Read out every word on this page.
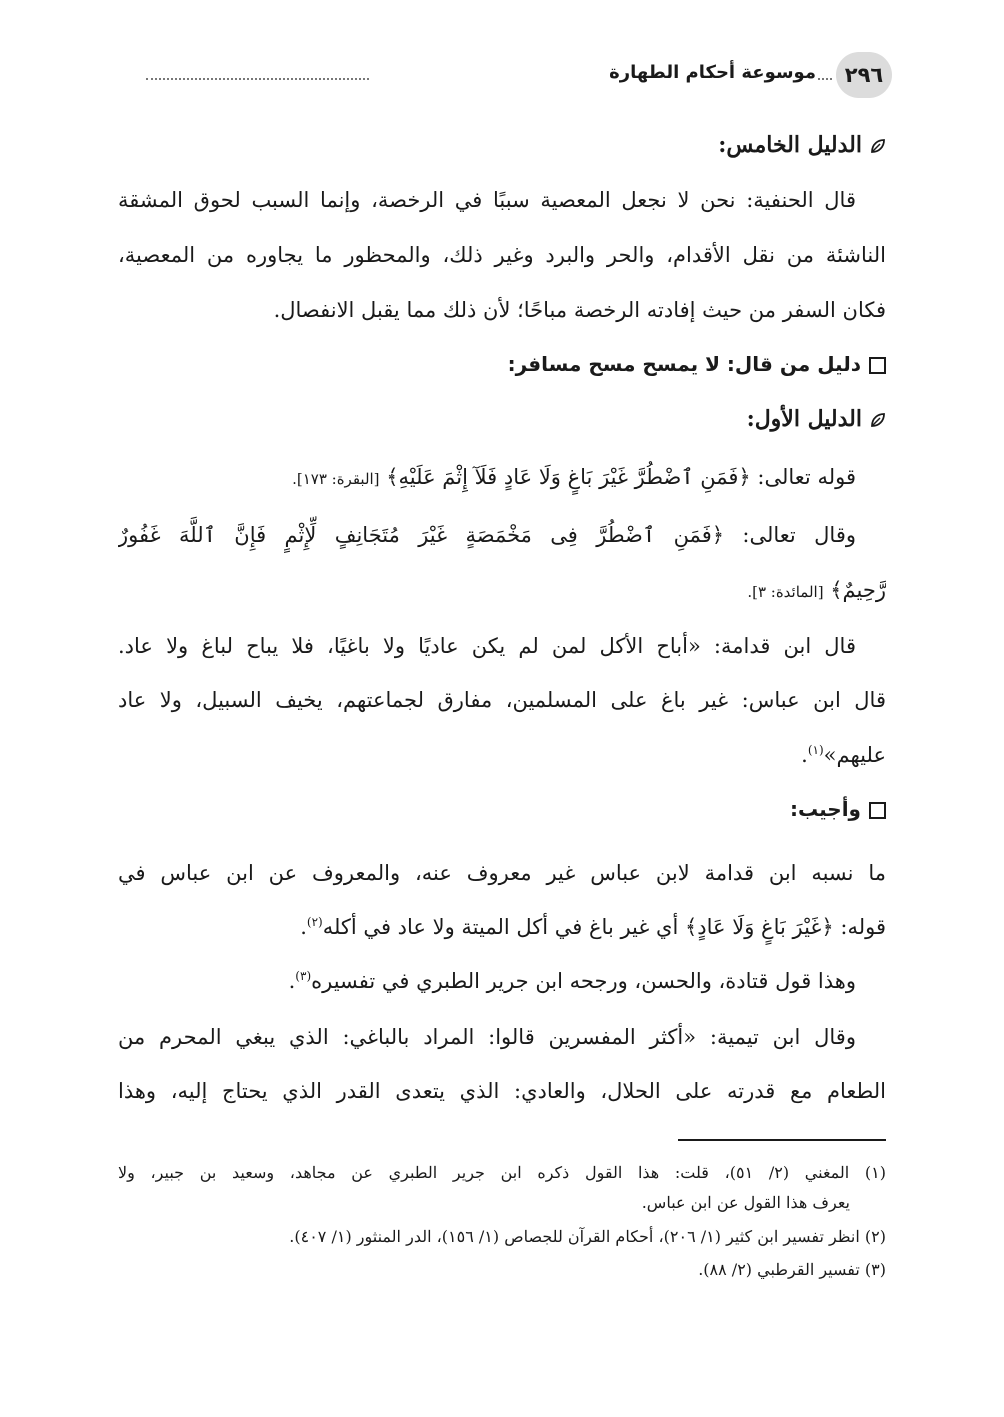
٢٩٦
موسوعة أحكام الطهارة
الدليل الخامس:
قال الحنفية: نحن لا نجعل المعصية سببًا في الرخصة، وإنما السبب لحوق المشقة
الناشئة من نقل الأقدام، والحر والبرد وغير ذلك، والمحظور ما يجاوره من المعصية،
فكان السفر من حيث إفادته الرخصة مباحًا؛ لأن ذلك مما يقبل الانفصال.
دليل من قال: لا يمسح مسح مسافر:
الدليل الأول:
قوله تعالى: ﴿فَمَنِ ٱضْطُرَّ غَيْرَ بَاغٍ وَلَا عَادٍ فَلَآ إِثْمَ عَلَيْهِ﴾ [البقرة: ١٧٣].
وقال تعالى: ﴿فَمَنِ ٱضْطُرَّ فِى مَخْمَصَةٍ غَيْرَ مُتَجَانِفٍ لِّإِثْمٍ فَإِنَّ ٱللَّهَ غَفُورٌ
رَّحِيمٌ﴾ [المائدة: ٣].
قال ابن قدامة: «أباح الأكل لمن لم يكن عاديًا ولا باغيًا، فلا يباح لباغ ولا عاد.
قال ابن عباس: غير باغ على المسلمين، مفارق لجماعتهم، يخيف السبيل، ولا عاد
عليهم»$^{(١)}$.
وأجيب:
ما نسبه ابن قدامة لابن عباس غير معروف عنه، والمعروف عن ابن عباس في
قوله: ﴿غَيْرَ بَاغٍ وَلَا عَادٍ﴾ أي غير باغ في أكل الميتة ولا عاد في أكله$^{(٢)}$.
وهذا قول قتادة، والحسن، ورجحه ابن جرير الطبري في تفسيره$^{(٣)}$.
وقال ابن تيمية: «أكثر المفسرين قالوا: المراد بالباغي: الذي يبغي المحرم من
الطعام مع قدرته على الحلال، والعادي: الذي يتعدى القدر الذي يحتاج إليه، وهذا
(١) المغني (٢/ ٥١)، قلت: هذا القول ذكره ابن جرير الطبري عن مجاهد، وسعيد بن جبير، ولا
يعرف هذا القول عن ابن عباس.
(٢) انظر تفسير ابن كثير (١/ ٢٠٦)، أحكام القرآن للجصاص (١/ ١٥٦)، الدر المنثور (١/ ٤٠٧).
(٣) تفسير القرطبي (٢/ ٨٨).
